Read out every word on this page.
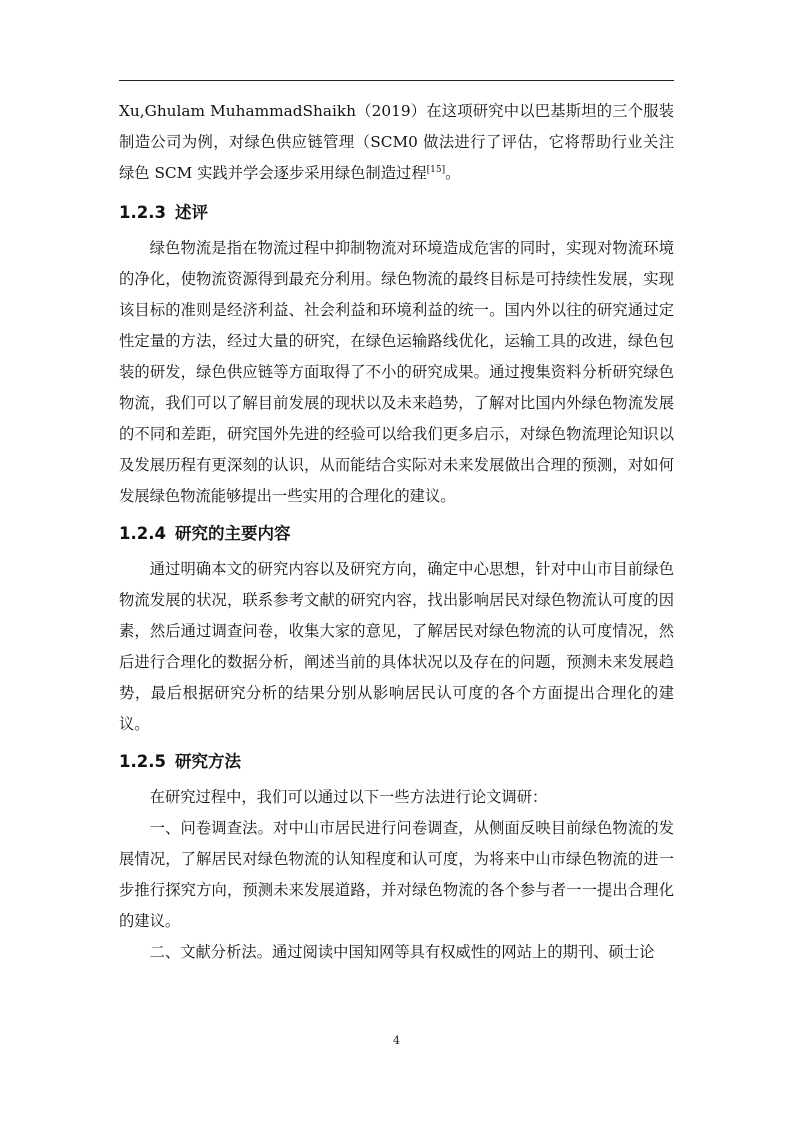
Xu,Ghulam MuhammadShaikh（2019）在这项研究中以巴基斯坦的三个服装制造公司为例，对绿色供应链管理（SCM0 做法进行了评估，它将帮助行业关注绿色 SCM 实践并学会逐步采用绿色制造过程[15]。

1.2.3 述评

绿色物流是指在物流过程中抑制物流对环境造成危害的同时，实现对物流环境的净化，使物流资源得到最充分利用。绿色物流的最终目标是可持续性发展，实现该目标的准则是经济利益、社会利益和环境利益的统一。国内外以往的研究通过定性定量的方法，经过大量的研究，在绿色运输路线优化，运输工具的改进，绿色包装的研发，绿色供应链等方面取得了不小的研究成果。通过搜集资料分析研究绿色物流，我们可以了解目前发展的现状以及未来趋势，了解对比国内外绿色物流发展的不同和差距，研究国外先进的经验可以给我们更多启示，对绿色物流理论知识以及发展历程有更深刻的认识，从而能结合实际对未来发展做出合理的预测，对如何发展绿色物流能够提出一些实用的合理化的建议。

1.2.4 研究的主要内容

通过明确本文的研究内容以及研究方向，确定中心思想，针对中山市目前绿色物流发展的状况，联系参考文献的研究内容，找出影响居民对绿色物流认可度的因素，然后通过调查问卷，收集大家的意见，了解居民对绿色物流的认可度情况，然后进行合理化的数据分析，阐述当前的具体状况以及存在的问题，预测未来发展趋势，最后根据研究分析的结果分别从影响居民认可度的各个方面提出合理化的建议。

1.2.5 研究方法

在研究过程中，我们可以通过以下一些方法进行论文调研：

一、问卷调查法。对中山市居民进行问卷调查，从侧面反映目前绿色物流的发展情况，了解居民对绿色物流的认知程度和认可度，为将来中山市绿色物流的进一步推行探究方向，预测未来发展道路，并对绿色物流的各个参与者一一提出合理化的建议。

二、文献分析法。通过阅读中国知网等具有权威性的网站上的期刊、硕士论

4
